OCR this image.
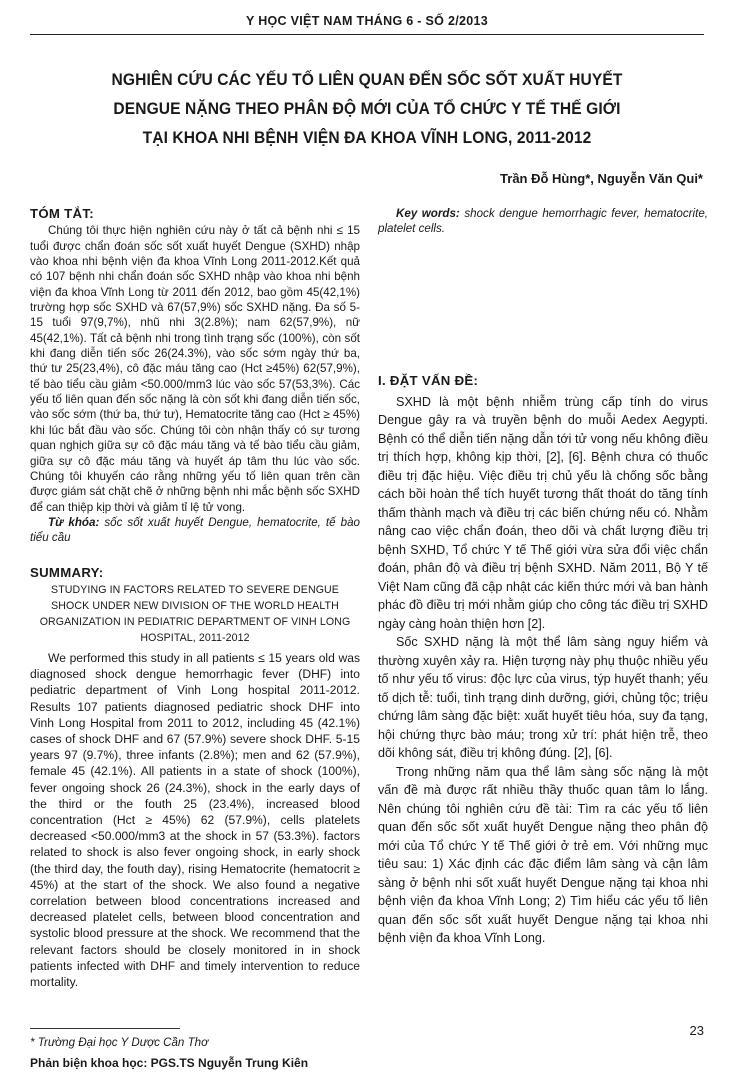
Y HỌC VIỆT NAM THÁNG 6 - SỐ 2/2013
NGHIÊN CỨU CÁC YẾU TỐ LIÊN QUAN ĐẾN SỐC SỐT XUẤT HUYẾT
DENGUE NẶNG THEO PHÂN ĐỘ MỚI CỦA TỔ CHỨC Y TẾ THẾ GIỚI
TẠI KHOA NHI BỆNH VIỆN ĐA KHOA VĨNH LONG, 2011-2012
Trần Đỗ Hùng*, Nguyễn Văn Qui*
TÓM TẮT:

Chúng tôi thực hiện nghiên cứu này ở tất cả bệnh nhi ≤ 15 tuổi được chẩn đoán sốc sốt xuất huyết Dengue (SXHD) nhập vào khoa nhi bệnh viện đa khoa Vĩnh Long 2011-2012.Kết quả có 107 bệnh nhi chẩn đoán sốc SXHD nhập vào khoa nhi bệnh viện đa khoa Vĩnh Long từ 2011 đến 2012, bao gồm 45(42,1%) trường hợp sốc SXHD và 67(57,9%) sốc SXHD nặng. Đa số 5-15 tuổi 97(9,7%), nhũ nhi 3(2.8%); nam 62(57,9%), nữ 45(42,1%). Tất cả bệnh nhi trong tình trạng sốc (100%), còn sốt khi đang diễn tiến sốc 26(24.3%), vào sốc sớm ngày thứ ba, thứ tư 25(23,4%), cô đặc máu tăng cao (Hct ≥45%) 62(57,9%), tế bào tiểu cầu giảm <50.000/mm3 lúc vào sốc 57(53,3%). Các yếu tố liên quan đến sốc nặng là còn sốt khi đang diễn tiến sốc, vào sốc sớm (thứ ba, thứ tư), Hematocrite tăng cao (Hct ≥ 45%) khi lúc bắt đầu vào sốc. Chúng tôi còn nhận thấy có sự tương quan nghịch giữa sự cô đặc máu tăng và tế bào tiểu cầu giảm, giữa sự cô đặc máu tăng và huyết áp tâm thu lúc vào sốc. Chúng tôi khuyến cáo rằng những yếu tố liên quan trên cần được giám sát chặt chẽ ở những bệnh nhi mắc bệnh sốc SXHD để can thiệp kịp thời và giảm tỉ lệ tử vong.

Từ khóa: sốc sốt xuất huyết Dengue, hematocrite, tế bào tiểu cầu

SUMMARY:
STUDYING IN FACTORS RELATED TO SEVERE DENGUE
SHOCK UNDER NEW DIVISION OF THE WORLD HEALTH
ORGANIZATION IN PEDIATRIC DEPARTMENT OF VINH LONG
HOSPITAL, 2011-2012

We performed this study in all patients ≤ 15 years old was diagnosed shock dengue hemorrhagic fever (DHF) into pediatric department of Vinh Long hospital 2011-2012. Results 107 patients diagnosed pediatric shock DHF into Vinh Long Hospital from 2011 to 2012, including 45 (42.1%) cases of shock DHF and 67 (57.9%) severe shock DHF. 5-15 years 97 (9.7%), three infants (2.8%); men and 62 (57.9%), female 45 (42.1%). All patients in a state of shock (100%), fever ongoing shock 26 (24.3%), shock in the early days of the third or the fouth 25 (23.4%), increased blood concentration (Hct ≥ 45%) 62 (57.9%), cells platelets decreased <50.000/mm3 at the shock in 57 (53.3%). factors related to shock is also fever ongoing shock, in early shock (the third day, the fouth day), rising Hematocrite (hematocrit ≥ 45%) at the start of the shock. We also found a negative correlation between blood concentrations increased and decreased platelet cells, between blood concentration and systolic blood pressure at the shock. We recommend that the relevant factors should be closely monitored in in shock patients infected with DHF and timely intervention to reduce mortality.

Key words: shock dengue hemorrhagic fever, hematocrite, platelet cells.

I. ĐẶT VẤN ĐỀ:

SXHD là một bệnh nhiễm trùng cấp tính do virus Dengue gây ra và truyền bệnh do muỗi Aedex Aegypti. Bệnh có thể diễn tiến nặng dẫn tới tử vong nếu không điều trị thích hợp, không kịp thời, [2], [6]. Bệnh chưa có thuốc điều trị đặc hiệu. Việc điều trị chủ yếu là chống sốc bằng cách bồi hoàn thể tích huyết tương thất thoát do tăng tính thấm thành mạch và điều trị các biến chứng nếu có. Nhằm nâng cao việc chẩn đoán, theo dõi và chất lượng điều trị bệnh SXHD, Tổ chức Y tế Thế giới vừa sửa đổi việc chẩn đoán, phân độ và điều trị bệnh SXHD. Năm 2011, Bộ Y tế Việt Nam cũng đã cập nhật các kiến thức mới và ban hành phác đồ điều trị mới nhằm giúp cho công tác điều trị SXHD ngày càng hoàn thiện hơn [2].

Sốc SXHD nặng là một thể lâm sàng nguy hiểm và thường xuyên xảy ra. Hiện tượng này phụ thuộc nhiều yếu tố như yếu tố virus: độc lực của virus, týp huyết thanh; yếu tố dịch tễ: tuổi, tình trạng dinh dưỡng, giới, chủng tộc; triệu chứng lâm sàng đặc biệt: xuất huyết tiêu hóa, suy đa tạng, hội chứng thực bào máu; trong xử trí: phát hiện trễ, theo dõi không sát, điều trị không đúng. [2], [6].

Trong những năm qua thể lâm sàng sốc nặng là một vấn đề mà được rất nhiều thầy thuốc quan tâm lo lắng. Nên chúng tôi nghiên cứu đề tài: Tìm ra các yếu tố liên quan đến sốc sốt xuất huyết Dengue nặng theo phân độ mới của Tổ chức Y tế Thế giới ở trẻ em. Với những mục tiêu sau: 1) Xác định các đặc điểm lâm sàng và cận lâm sàng ở bệnh nhi sốt xuất huyết Dengue nặng tại khoa nhi bệnh viện đa khoa Vĩnh Long; 2) Tìm hiểu các yếu tố liên quan đến sốc sốt xuất huyết Dengue nặng tại khoa nhi bệnh viện đa khoa Vĩnh Long.

* Trường Đại học Y Dược Cần Thơ
Phản biện khoa học: PGS.TS Nguyễn Trung Kiên
23
